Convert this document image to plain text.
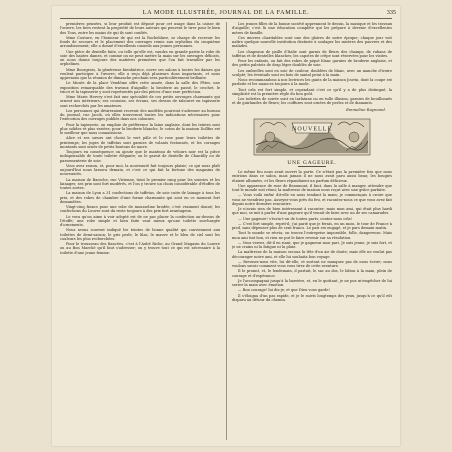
LA MODE ILLUSTRÉE, JOURNAL DE LA FAMILLE.	335

premières pensées, si leur produit est déposé pour cet usage dans la caisse de l'œuvre, les tiers restent la propriété de leurs auteurs qui peuvent le tirer pour le bien des Tous, entre les mains de qui ils sont confiés.

Mme Couture, en l'honneur de qui est la Rocheblave, se charge de recevoir les fonds de secours et le placement des ouvrages remis aux orphelins du cinquième arrondissement; elle a donné d'excellents conseils aux jeunes personnes.

Une pièce de dentelle faite, ou telle qu'elle est, vaudra en grande partie la robe de soie des hautes dames, et comme on ne peut mettre la main sur les ouvrages délicats, on nous donne toujours des matières premières que l'on fait travailler par les orphelines.

Mme Bourgeois, la généreuse bienfaitrice, ouvre ses salons à toutes les dames qui veulent participer à l'œuvre; elle a reçu déjà plusieurs dons importants, et nous apprenons que la réunion de dimanche prochain sera particulièrement brillante.

Le Musée de la place Vendôme offre cette année, dans la salle des Fêtes, une exposition remarquable des travaux d'aiguille; la broderie au passé, le crochet, le tricot et la tapisserie y sont représentés par des pièces d'une rare perfection.

Mme Marie Hervey s'est fait une spécialité de ces petits ouvrages charmants qui ornent nos intérieurs; ses coussins, ses écrans, ses dessus de tabouret en tapisserie sont recherchés par les amateurs.

Les personnes qui désireraient recevoir des modèles pourront s'adresser au bureau du journal, rue Jacob, où elles trouveront toutes les indications nécessaires pour l'exécution des ouvrages publiés dans nos colonnes.

Pour la tapisserie, on emploie de préférence la laine anglaise, dont les teintes sont plus solides et plus variées; pour la broderie blanche, le coton de la maison Dollfus est le meilleur que nous connaissions.

Alice et ses sœurs ont choisi le vert pâle et le rose pour leurs toilettes de printemps; les jupes de taffetas sont garnies de volants festonnés, et les corsages montants sont ornés de petits boutons de nacre.

Toujours en conséquence on ajoute que le manteau de velours noir est la pièce indispensable de toute toilette élégante; on le garnit de dentelle de Chantilly ou de passementerie de soie.

Vous avez raison, et, pour moi, la nouveauté fait toujours plaisir; ce qui nous plaît aujourd'hui nous lassera demain, et c'est ce qui fait la fortune des magasins de nouveautés.

La maison de Baroche, rue Vivienne, tient le premier rang pour les soieries et les lainages; ses prix sont fort modérés, et l'on y trouve un choix considérable d'étoffes de toutes sortes.

La maison de Lyon a 31 confections de taffetas, de soie cuite de lainage à tous les prix, et des robes de chambre d'une forme charmante qui sont en ce moment fort demandées.

Vingt-cinq francs pour une robe de mousseline brodée, c'est vraiment donné; les confections du Louvre sont du reste toujours à des prix fort avantageux.

Le vœu qu'on aime à voir adopté est de ne pas placer la confection au-dessus de l'étoffe; une robe simple et bien faite vaut mieux qu'une toilette surchargée d'ornements.

Nous avons souvent indiqué les teintes de bonne qualité qui conviennent aux toilettes de demi-saison; le gris perle, le lilas, le mauve et le bleu de ciel sont les couleurs les plus recherchées.

Pour le trousseau des fiancées, c'est à l'Aubé Riche, au Grand Magasin du Louvre ou au Bon Marché qu'il faut s'adresser; on y trouve tout ce qui est nécessaire à la toilette d'une jeune femme.

Les jeunes filles de la bonne société apprennent le dessin, la musique et les travaux d'aiguille; c'est là une éducation complète qui les prépare à devenir d'excellentes mères de famille.

Ces œuvres charitables sont une des gloires de notre époque; chaque jour voit naître quelque nouvelle institution destinée à soulager les misères des pauvres et des malades.

Les chapeaux de paille d'Italie sont garnis de fleurs des champs, de rubans de taffetas et de dentelles blanches; les capotes de crêpe sont réservées pour les visites.

Pour les enfants, on fait des robes de piqué blanc garnies de broderie anglaise, et des petits paletots de drap léger doublés de soie.

Les ombrelles sont en soie de couleur, doublées de blanc, avec un manche d'ivoire sculpté; les éventails sont en bois de santal peint à la main.

Nous recommandons à nos lectrices les gants de la maison Jouvin, dont la coupe est parfaite et les nuances toujours à la mode.

Tout cela est fort simple, et cependant c'est ce qu'il y a de plus distingué; la simplicité est la première règle du bon goût.

Les toilettes de soirée sont en tarlatane ou en tulle illusion, garnies de bouillonnés et de guirlandes de fleurs; les coiffures sont ornées de perles et de diamants.

Emmeline Raymond.
NOUVELLE
UNE GAGEURE.

Le même fou nous avait ouvert la porte. Ce n'était pas la première fois que nous entrions dans ce salon, mais jamais il ne nous avait paru aussi beau; les bougies étaient allumées, et les fleurs répandaient un parfum délicieux.

Une apparence de ruse de Beaumont, il faut, dans la salle à manger, attendre que tout le monde soit réuni; la maîtresse de maison nous reçut avec une grâce parfaite.

— Vous voilà enfin! dit-elle en nous tendant la main; je commençais à croire que vous ne viendriez pas. Asseyez-vous près du feu, et racontez-nous ce que vous avez fait depuis notre dernière rencontre.

Je n'avais rien de bien intéressant à raconter; mais mon ami, qui était plus hardi que moi, se mit à parler d'une gageure qu'il venait de faire avec un de ses camarades.

— Une gageure! s'écria-t-on de toutes parts; contez-nous cela!

— C'est fort simple, reprit-il; j'ai parié que je ferais, en un mois, le tour de France à pied, sans dépenser plus de cent francs. Le pari est engagé, et je pars demain matin.

Tout le monde se récria; on trouva l'entreprise impossible, folle, dangereuse. Mais mon ami tint bon, et rien ne put le faire revenir sur sa résolution.

— Vous verrez, dit-il en riant, que je gagnerai mon pari. Je suis jeune, je suis fort, et je ne crains ni la fatigue ni la pluie.

La maîtresse de la maison secoua la tête d'un air de doute; mais elle ne voulut pas décourager notre ami, et elle lui souhaita bon voyage.

— Revenez-nous vite, lui dit-elle, et surtout ne manquez pas de nous écrire; nous voulons savoir comment vous vous tirez de cette aventure.

Il le promit, et, le lendemain, il partait, le sac au dos, le bâton à la main, plein de courage et d'espérance.

Je l'accompagnai jusqu'à la barrière, et, en le quittant, je ne pus m'empêcher de lui serrer la main avec émotion.

— Bon courage! lui dis-je; et que Dieu vous garde!

Il s'éloigna d'un pas rapide, et je le suivis longtemps des yeux, jusqu'à ce qu'il eût disparu au détour du chemin.
